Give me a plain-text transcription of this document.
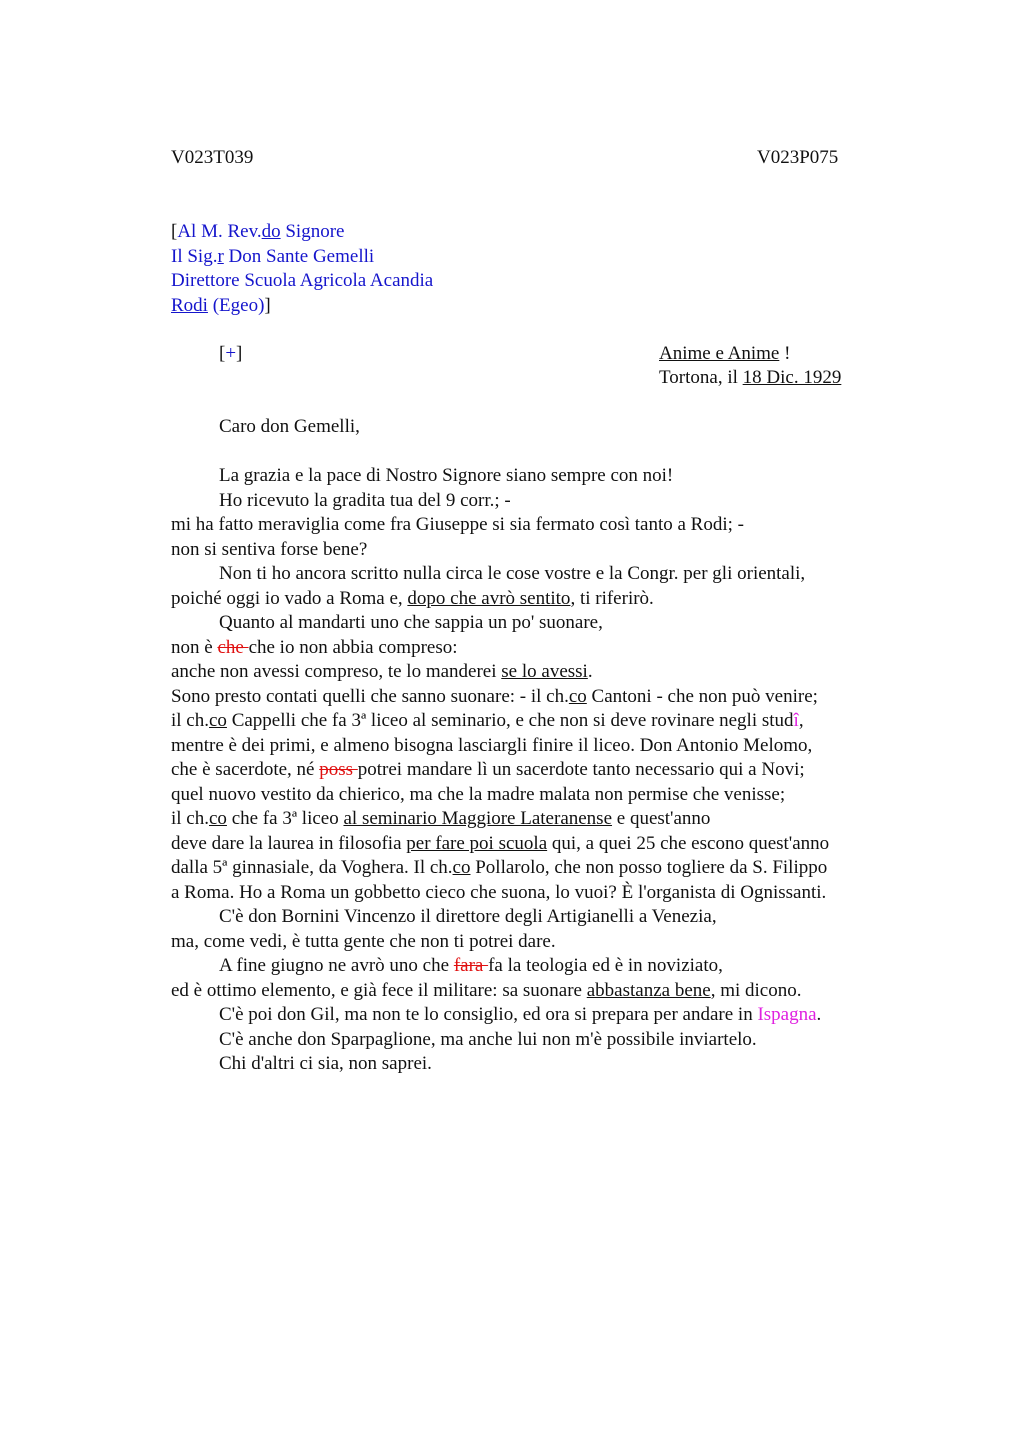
V023T039	V023P075
[Al M. Rev.do Signore
Il Sig.r Don Sante Gemelli
Direttore Scuola Agricola Acandia
Rodi (Egeo)]
[+]	Anime e Anime !
Tortona, il 18 Dic. 1929
Caro don Gemelli,
La grazia e la pace di Nostro Signore siano sempre con noi!
Ho ricevuto la gradita tua del 9 corr.; -
mi ha fatto meraviglia come fra Giuseppe si sia fermato così tanto a Rodi; -
non si sentiva forse bene?
Non ti ho ancora scritto nulla circa le cose vostre e la Congr. per gli orientali,
poiché oggi io vado a Roma e, dopo che avrò sentito, ti riferirò.
Quanto al mandarti uno che sappia un po' suonare,
non è che che io non abbia compreso:
anche non avessi compreso, te lo manderei se lo avessi.
Sono presto contati quelli che sanno suonare: - il ch.co Cantoni - che non può venire;
il ch.co Cappelli che fa 3ª liceo al seminario, e che non si deve rovinare negli studî,
mentre è dei primi, e almeno bisogna lasciargli finire il liceo. Don Antonio Melomo,
che è sacerdote, né poss potrei mandare lì un sacerdote tanto necessario qui a Novi;
quel nuovo vestito da chierico, ma che la madre malata non permise che venisse;
il ch.co che fa 3ª liceo al seminario Maggiore Lateranense e quest'anno
deve dare la laurea in filosofia per fare poi scuola qui, a quei 25 che escono quest'anno
dalla 5ª ginnasiale, da Voghera. Il ch.co Pollarolo, che non posso togliere da S. Filippo
a Roma. Ho a Roma un gobbetto cieco che suona, lo vuoi? È l'organista di Ognissanti.
C'è don Bornini Vincenzo il direttore degli Artigianelli a Venezia,
ma, come vedi, è tutta gente che non ti potrei dare.
A fine giugno ne avrò uno che fara fa la teologia ed è in noviziato,
ed è ottimo elemento, e già fece il militare: sa suonare abbastanza bene, mi dicono.
C'è poi don Gil, ma non te lo consiglio, ed ora si prepara per andare in Ispagna.
C'è anche don Sparpaglione, ma anche lui non m'è possibile inviartelo.
Chi d'altri ci sia, non saprei.
